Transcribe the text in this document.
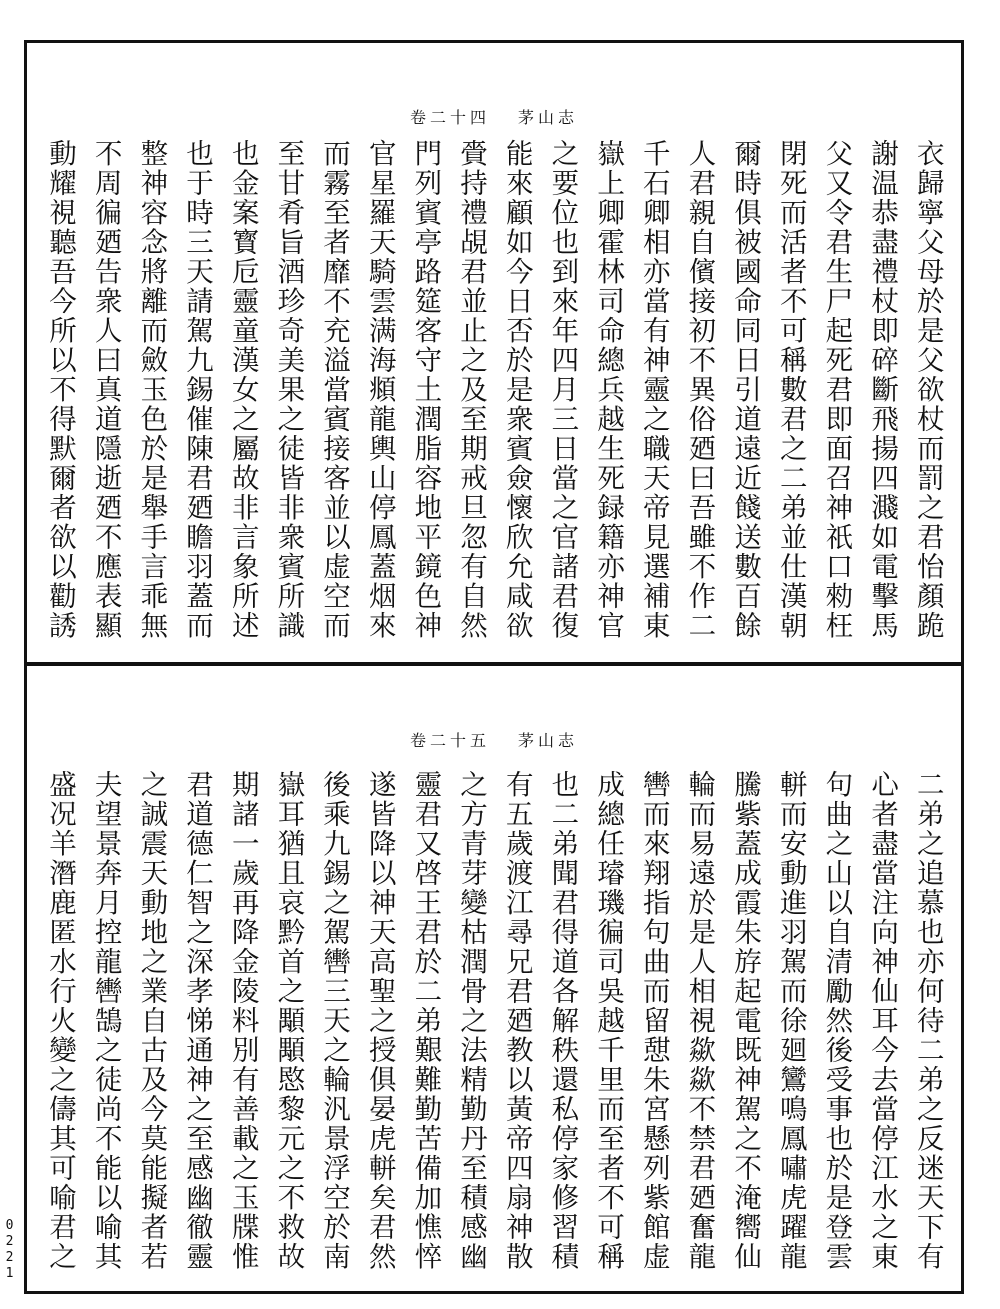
卷二十四 茅山志
衣歸寧父母於是父欲杖而罰之君怡顏跪
謝温恭盡禮杖即碎斷飛揚四濺如電擊馬
父又令君生尸起死君即面召神祇口勑枉
閉死而活者不可稱數君之二弟並仕漢朝
爾時俱被國命同日引道遠近餞送數百餘
人君親自儐接初不異俗廼曰吾雖不作二
千石卿相亦當有神靈之職天帝見選補東
嶽上卿霍林司命總兵越生死録籍亦神官
之要位也到來年四月三日當之官諸君復
能來顧如今日否於是衆賓僉懷欣允咸欲
賫持禮覘君並止之及至期戒旦忽有自然
門列賓亭路筵客守土潤脂容地平鏡色神
官星羅天騎雲满海頫龍輿山停鳳蓋烟來
而霧至者靡不充溢當賓接客並以虚空而
至甘肴旨酒珍奇美果之徒皆非衆賓所識
也金案寳卮靈童漢女之屬故非言象所述
也于時三天請駕九錫催陳君廼瞻羽蓋而
整神容念將離而斂玉色於是舉手言乖無
不周徧廼告衆人曰真道隱逝廼不應表顯
動耀視聽吾今所以不得默爾者欲以勸誘
卷二十五 茅山志
二弟之追慕也亦何待二弟之反迷天下有
心者盡當注向神仙耳今去當停江水之東
句曲之山以自清勵然後受事也於是登雲
軿而安動進羽駕而徐廻鸞鳴鳳嘯虎躍龍
騰紫蓋成霞朱斿起電既神駕之不淹嚮仙
輪而易遠於是人相視歘歘不禁君廼奮龍
轡而來翔指句曲而留憇朱宮懸列紫館虚
成總任璿璣徧司吳越千里而至者不可稱
也二弟聞君得道各解秩還私停家修習積
有五歲渡江尋兄君廼教以黃帝四扇神散
之方青芽變枯潤骨之法精勤丹至積感幽
靈君又啓王君於二弟艱難勤苦備加憔悴
遂皆降以神天高聖之授俱晏虎軿矣君然
後乘九錫之駕轡三天之輪汎景浮空於南
嶽耳猶且哀黔首之顒顒愍黎元之不救故
期諸一歲再降金陵料別有善載之玉牒惟
君道德仁智之深孝悌通神之至感幽徹靈
之誠震天動地之業自古及今莫能擬者若
夫望景奔月控龍轡鵠之徒尚不能以喻其
盛况羊潛鹿匿水行火變之儔其可喻君之
0221
